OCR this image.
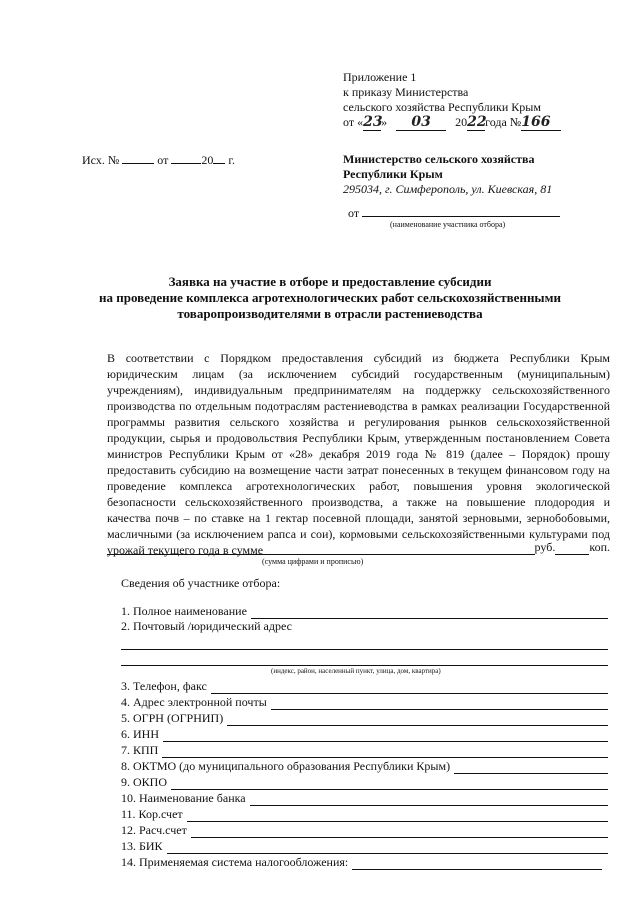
Приложение 1
к приказу Министерства
сельского хозяйства Республики Крым
от «23» 03 2022года №166
Исх. №	от	20 г.	Министерство сельского хозяйства
Республики Крым
295034, г. Симферополь, ул. Киевская, 81
от
(наименование участника отбора)
Заявка на участие в отборе и предоставление субсидии
на проведение комплекса агротехнологических работ сельскохозяйственными
товаропроизводителями в отрасли растениеводства
В соответствии с Порядком предоставления субсидий из бюджета Республики Крым
юридическим лицам (за исключением субсидий государственным (муниципальным)
учреждениям), индивидуальным предпринимателям на поддержку сельскохозяйственного
производства по отдельным подотраслям растениеводства в рамках реализации Государственной
программы развития сельского хозяйства и регулирования рынков сельскохозяйственной
продукции, сырья и продовольствия Республики Крым, утвержденным постановлением Совета
министров Республики Крым от «28» декабря 2019 года № 819 (далее – Порядок) прошу
предоставить субсидию на возмещение части затрат понесенных в текущем финансовом году на
проведение комплекса агротехнологических работ, повышения уровня экологической
безопасности сельскохозяйственного производства, а также на повышение плодородия и
качества почв – по ставке на 1 гектар посевной площади, занятой зерновыми, зернобобовыми,
масличными (за исключением рапса и сои), кормовыми сельскохозяйственными культурами под
урожай текущего года в сумме	руб.	коп.
(сумма цифрами и прописью)
Сведения об участнике отбора:
1. Полное наименование
2. Почтовый /юридический адрес
(индекс, район, населенный пункт, улица, дом, квартира)
3. Телефон, факс
4. Адрес электронной почты
5. ОГРН (ОГРНИП)
6. ИНН
7. КПП
8. ОКТМО (до муниципального образования Республики Крым)
9. ОКПО
10. Наименование банка
11. Кор.счет
12. Расч.счет
13. БИК
14. Применяемая система налогообложения:
